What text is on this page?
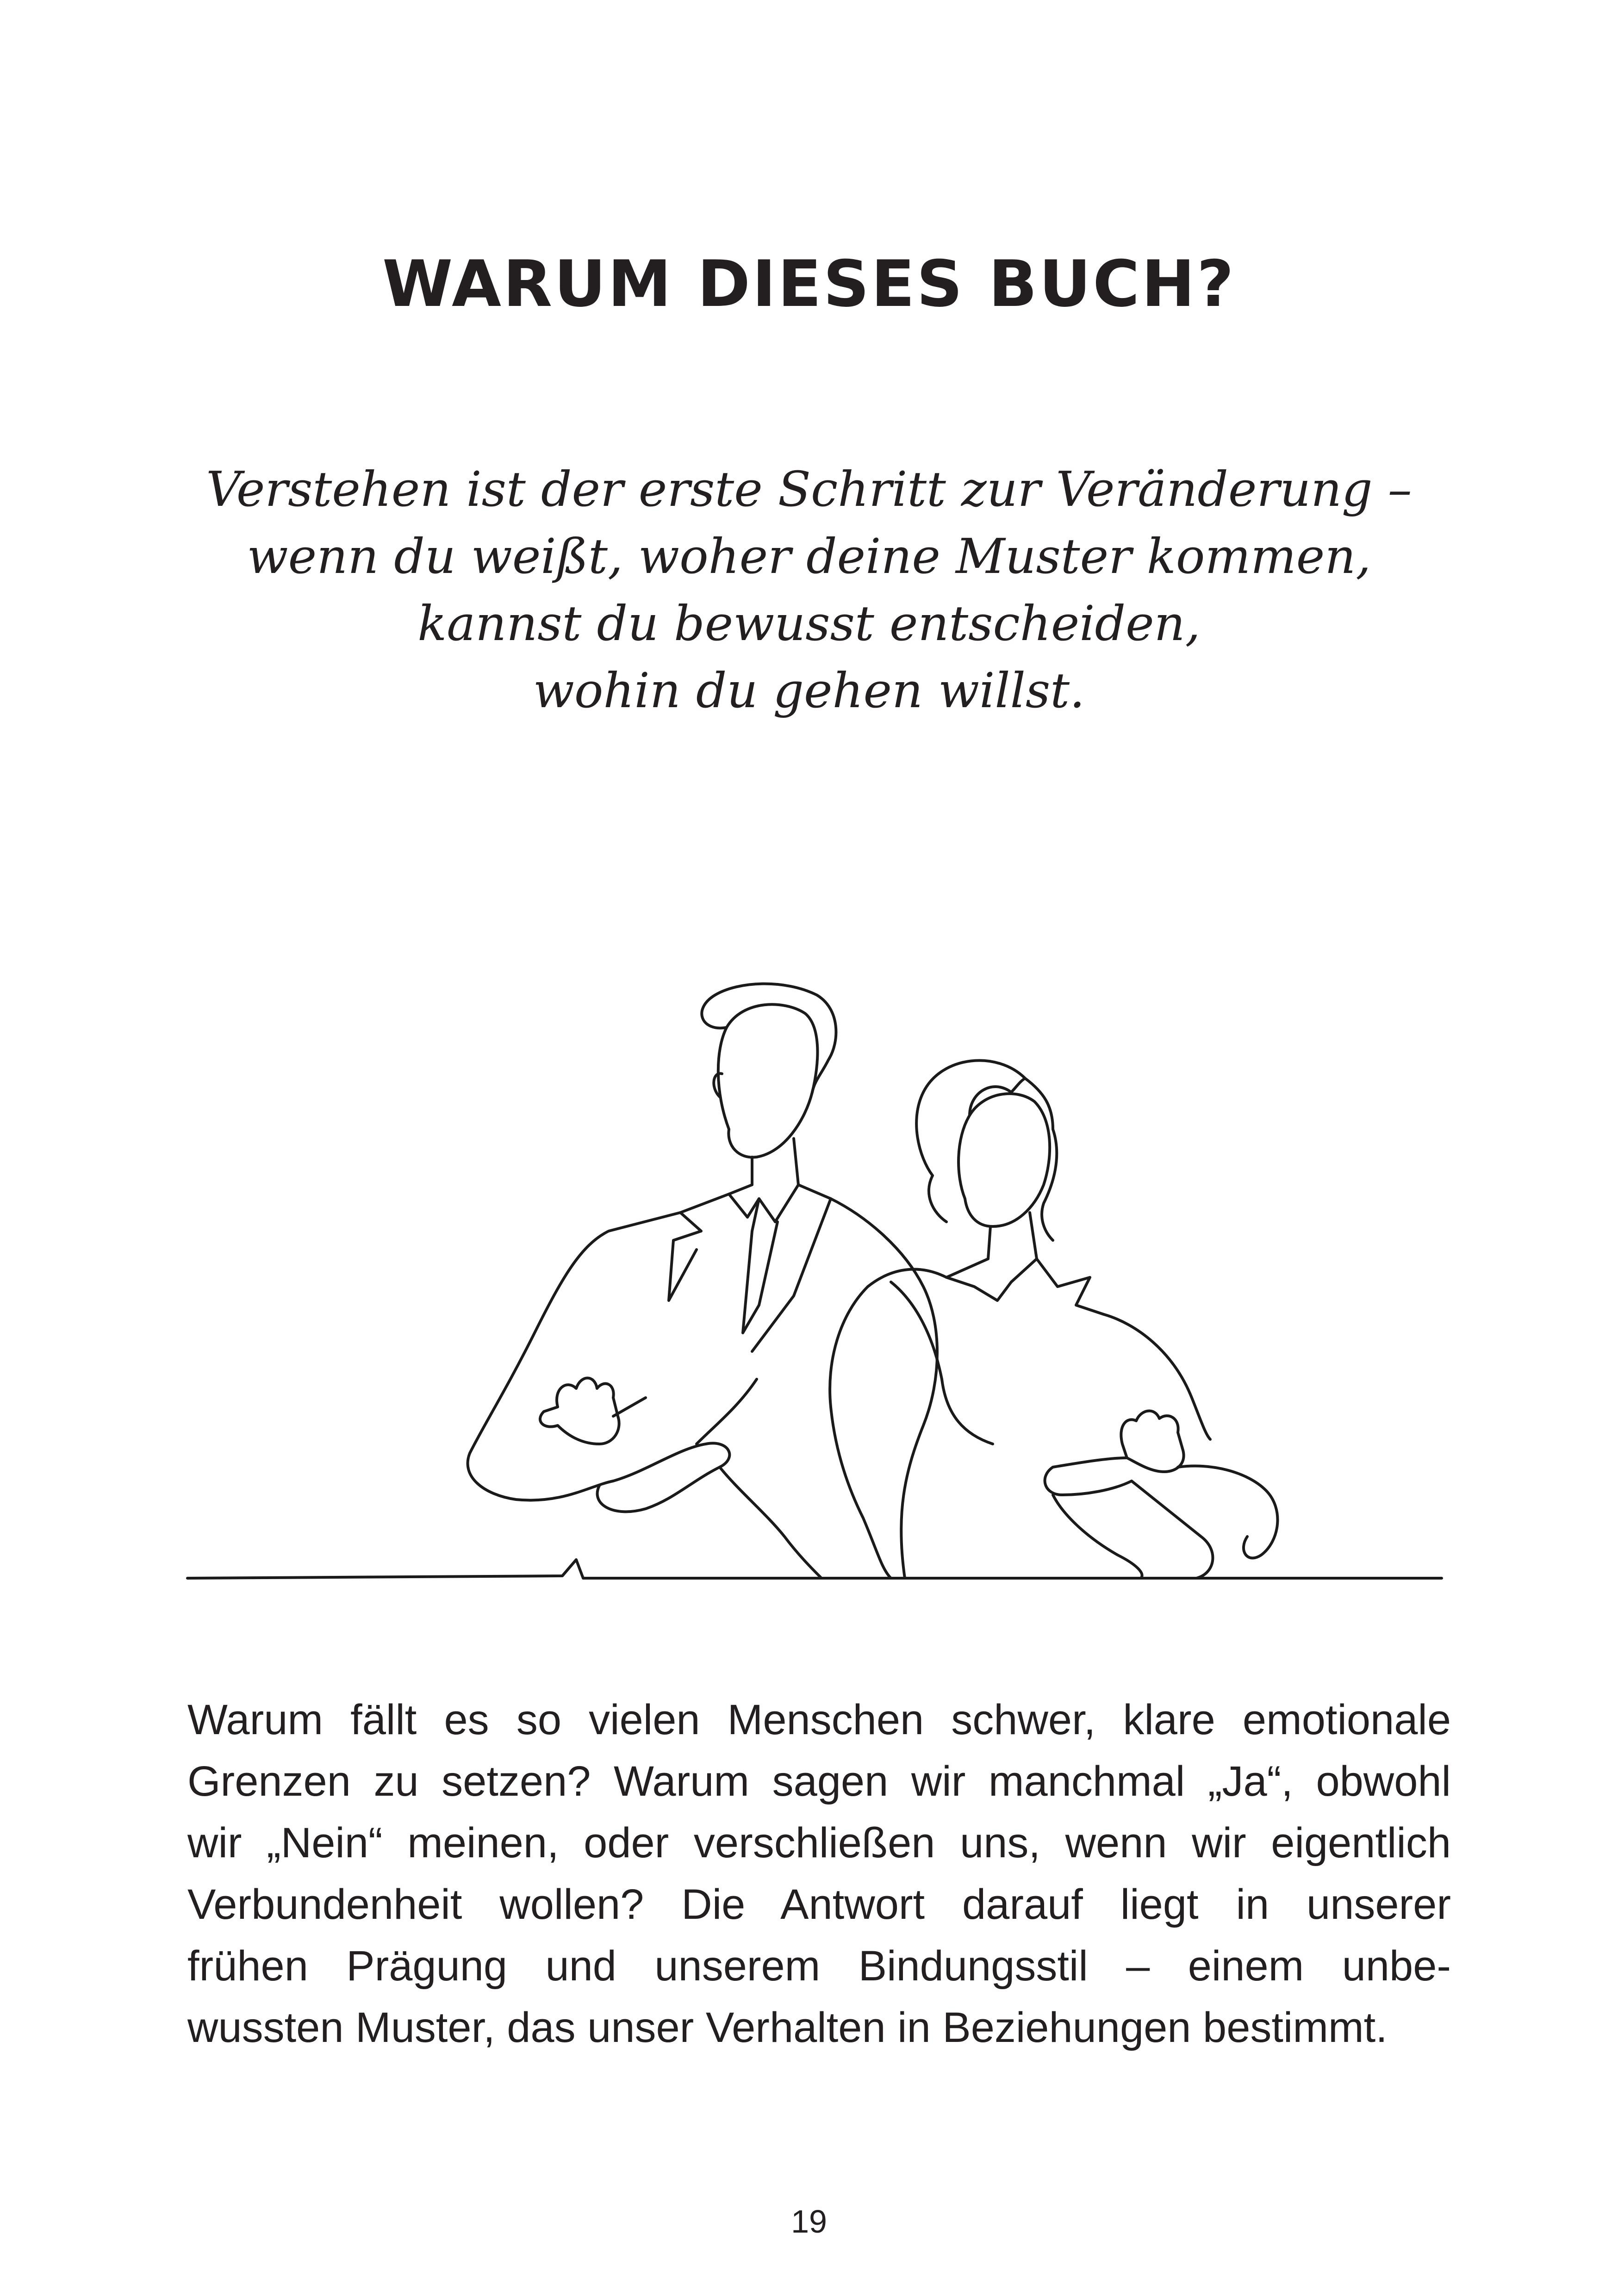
WARUM DIESES BUCH?
Verstehen ist der erste Schritt zur Veränderung –
wenn du weißt, woher deine Muster kommen,
kannst du bewusst entscheiden,
wohin du gehen willst.
Warum fällt es so vielen Menschen schwer, klare emotionale
Grenzen zu setzen? Warum sagen wir manchmal „Ja“, obwohl
wir „Nein“ meinen, oder verschließen uns, wenn wir eigentlich
Verbundenheit wollen? Die Antwort darauf liegt in unserer
frühen Prägung und unserem Bindungsstil – einem unbe-
wussten Muster, das unser Verhalten in Beziehungen bestimmt.
19
